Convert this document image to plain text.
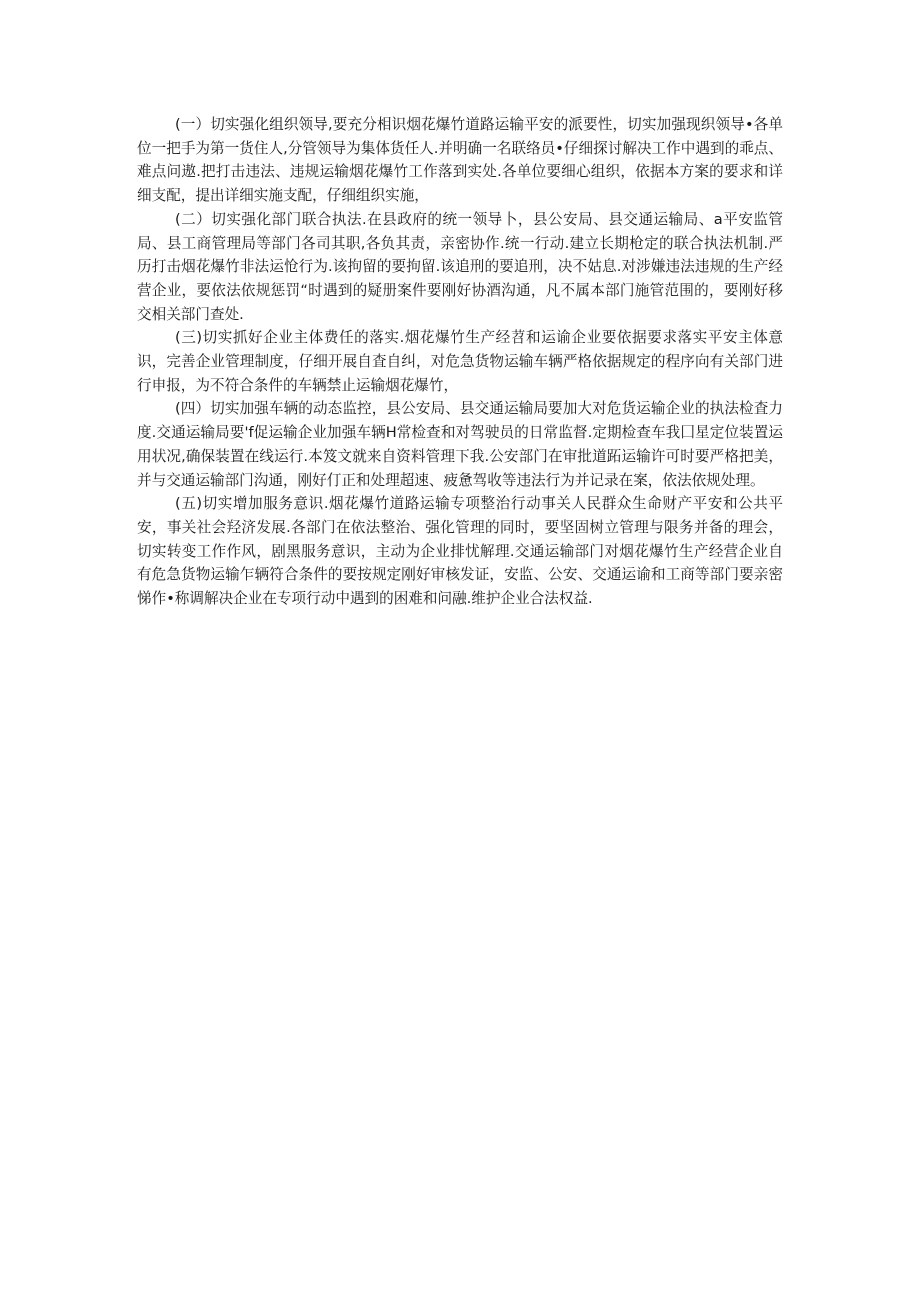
(一）切实强化组织领导,要充分相识烟花爆竹道路运输平安的派要性，切实加强现织领导•各单位一把手为第一货住人,分管领导为集体货任人.并明确一名联络员•仔细探讨解决工作中遇到的乖点、难点问遨.把打击违法、违规运输烟花爆竹工作落到实处.各单位要细心组织，依据本方案的要求和详细支配，提出详细实施支配，仔细组织实施，

(二）切实强化部门联合执法.在县政府的统一领导卜，县公安局、县交通运输局、a平安监管局、县工商管理局等部门各司其职,各负其责，亲密协作.统一行动.建立长期枪定的联合执法机制.严历打击烟花爆竹非法运怆行为.该拘留的要拘留.该追刑的要追刑，决不姑息.对涉嫌违法违规的生产经营企业，要依法依规惩罚“时遇到的疑册案件要刚好协酒沟通，凡不属本部门施管范围的，要刚好移交相关部门查处.

(三)切实抓好企业主体费任的落实.烟花爆竹生产经苕和运谕企业要依据要求落实平安主体意识，完善企业管理制度，仔细开展自査自纠，对危急货物运输车辆严格依据规定的程序向有关部门进行申报，为不符合条件的车辆禁止运输烟花爆竹，

(四）切实加强车辆的动态监控，县公安局、县交通运输局要加大对危货运输企业的执法检査力度.交通运输局要'f促运输企业加强车辆H常检查和对驾驶员的日常监督.定期检查车我囗星定位装置运用状况,确保装置在线运行.本笈文就来自资料管理下我.公安部门在审批道跖运输许可时要严格把美，并与交通运输部门沟通，刚好仃正和处理超速、疲惫驾收等违法行为并记录在案，依法依规处理。

(五)切实增加服务意识.烟花爆竹道路运输专项整治行动事关人民群众生命财产平安和公共平安，事关社会羟济发展.各部门在依法整治、强化管理的同时，要坚固树立管理与限务并备的理会，切实转变工作作风，剧黑服务意识，主动为企业排忧解理.交通运输部门对烟花爆竹生产经营企业自有危急货物运输乍辆符合条件的要按规定刚好审核发证，安监、公安、交通运谕和工商等部门要亲密悌作•称调解决企业在专项行动中遇到的困难和问融.维护企业合法权益.
